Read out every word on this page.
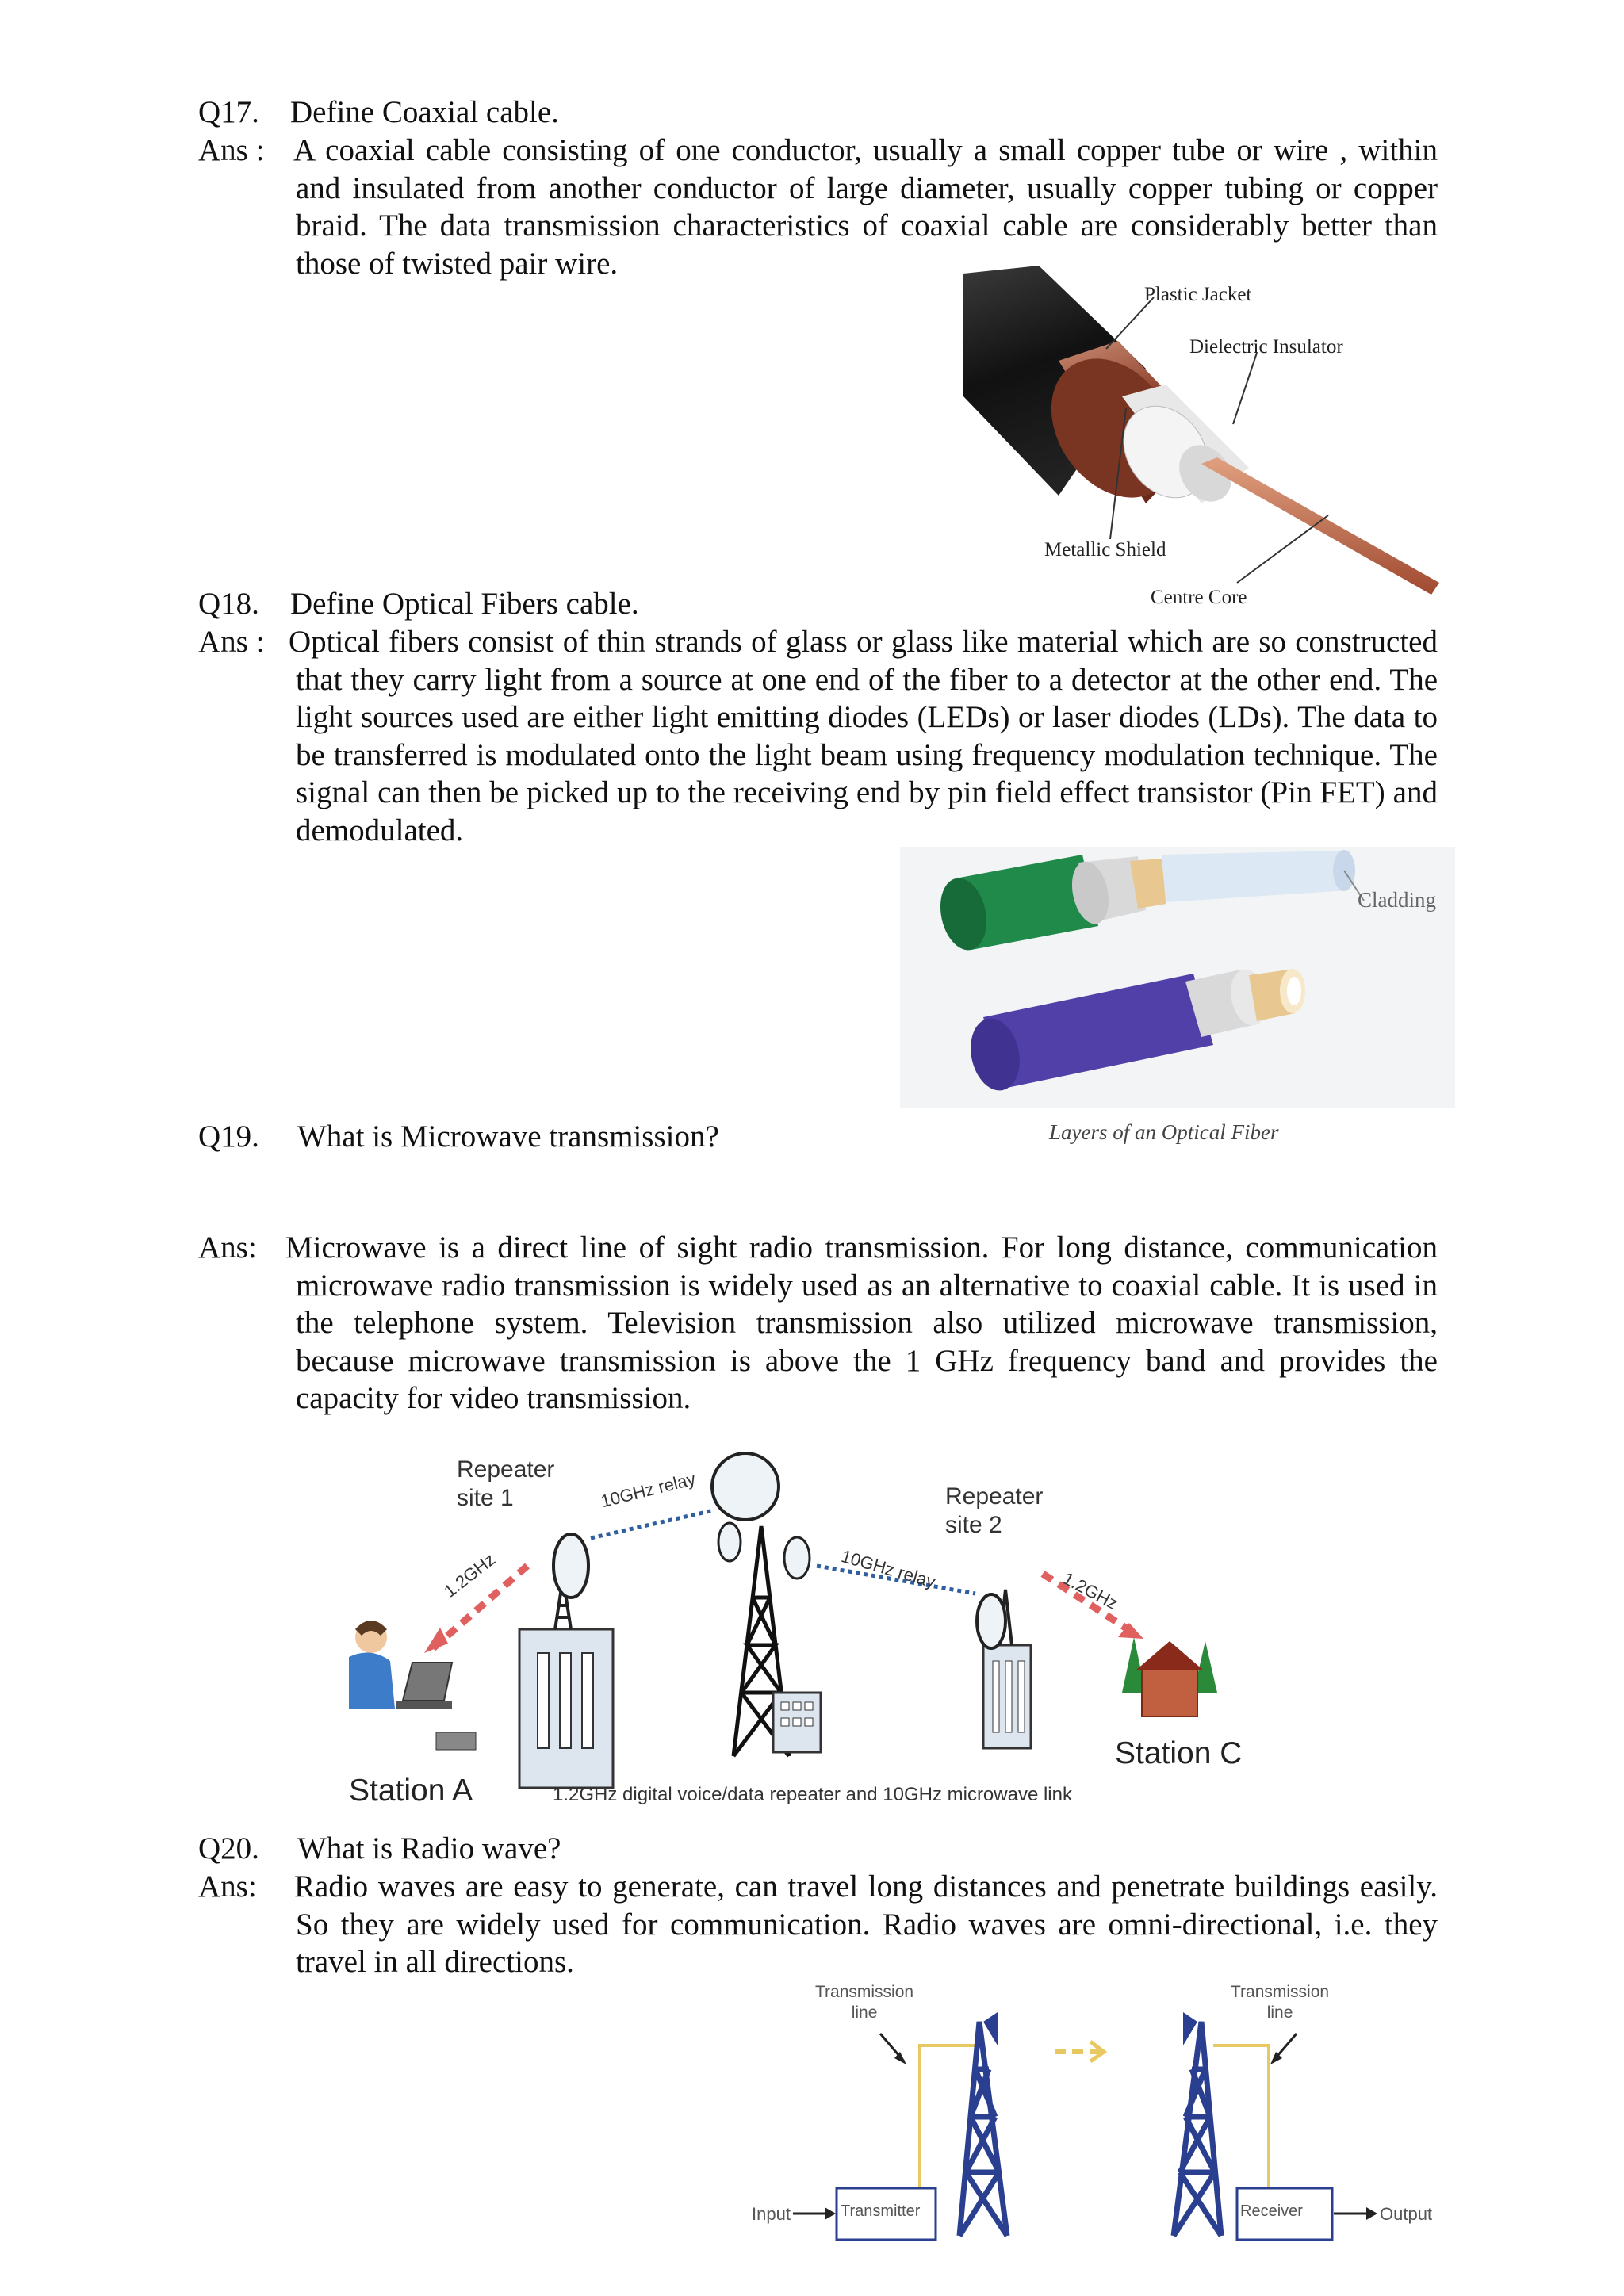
Q17. Define Coaxial cable.
Ans : A coaxial cable consisting of one conductor, usually a small copper tube or wire , within and insulated from another conductor of large diameter, usually copper tubing or copper braid. The data transmission characteristics of coaxial cable are considerably better than those of twisted pair wire.
Plastic Jacket
Dielectric Insulator
Metallic Shield
Centre Core
Q18. Define Optical Fibers cable.
Ans : Optical fibers consist of thin strands of glass or glass like material which are so constructed that they carry light from a source at one end of the fiber to a detector at the other end. The light sources used are either light emitting diodes (LEDs) or laser diodes (LDs). The data to be transferred is modulated onto the light beam using frequency modulation technique. The signal can then be picked up to the receiving end by pin field effect transistor (Pin FET) and demodulated.
Cladding
Layers of an Optical Fiber
Q19. What is Microwave transmission?
Ans: Microwave is a direct line of sight radio transmission. For long distance, communication microwave radio transmission is widely used as an alternative to coaxial cable. It is used in the telephone system. Television transmission also utilized microwave transmission, because microwave transmission is above the 1 GHz frequency band and provides the capacity for video transmission.
Repeater
site 1	Repeater
site 2
10GHz relay
10GHz relay
1.2GHz	1.2GHz
Station A
Station C
1.2GHz digital voice/data repeater and 10GHz microwave link
Q20. What is Radio wave?
Ans: Radio waves are easy to generate, can travel long distances and penetrate buildings easily. So they are widely used for communication. Radio waves are omni-directional, i.e. they travel in all directions.
Transmission
line
Transmission
line
Input	Transmitter	Receiver	Output
